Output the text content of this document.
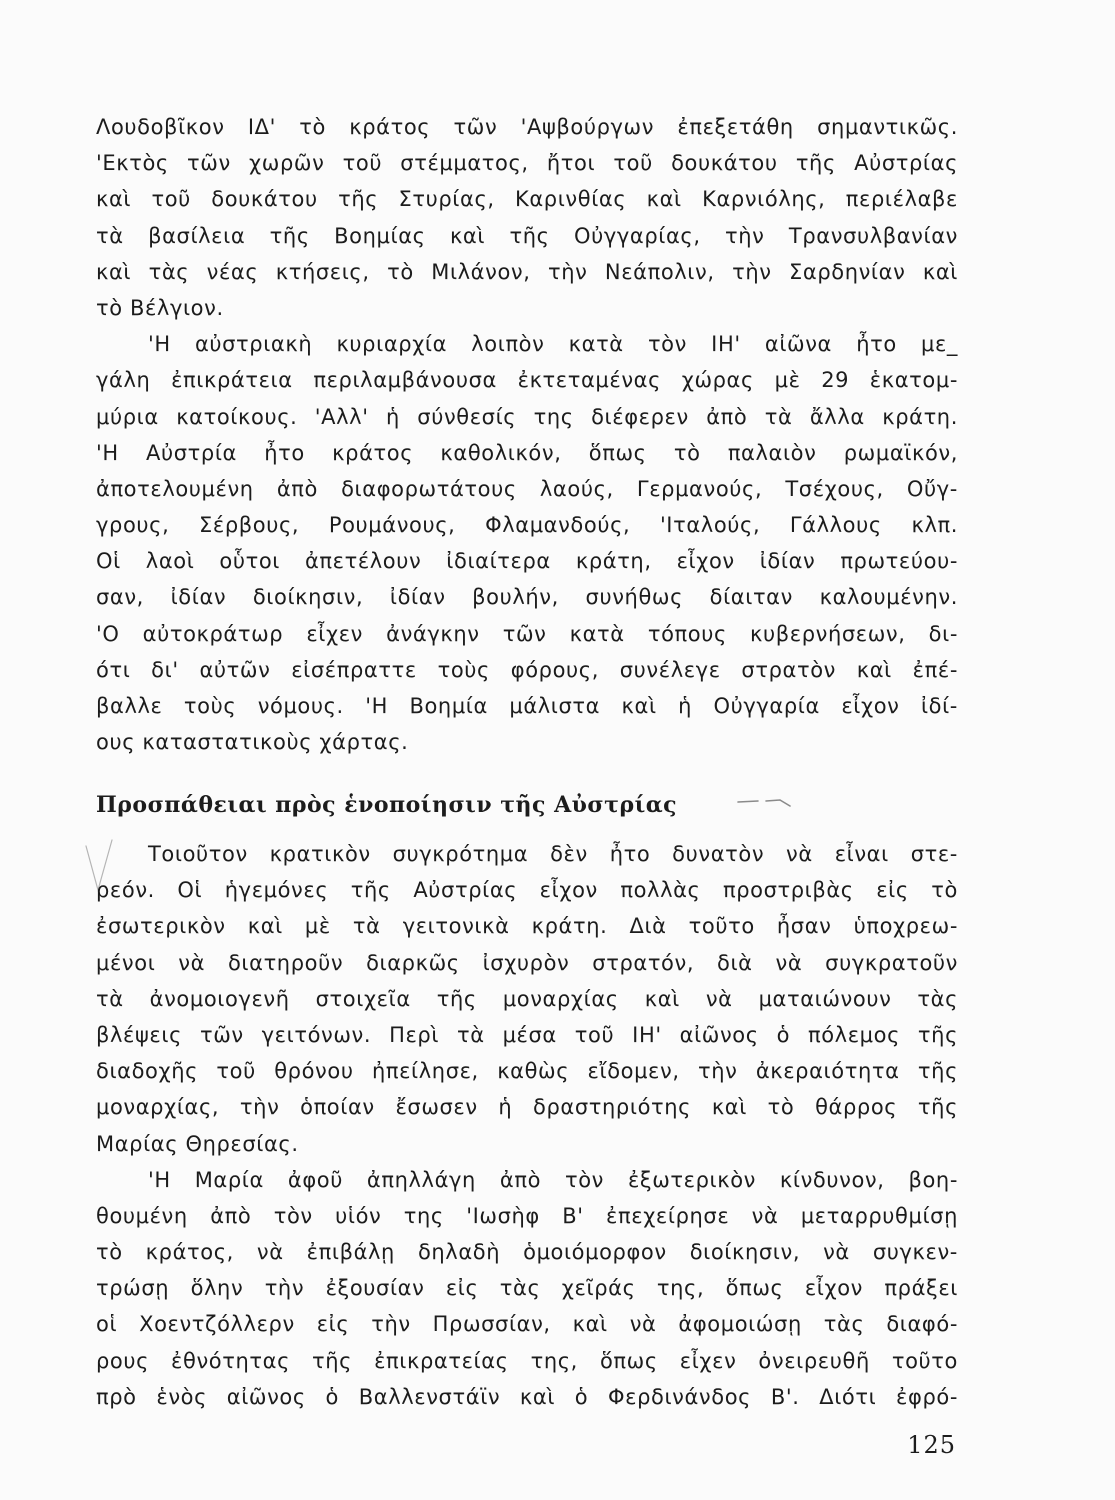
Λουδοβῖκον ΙΔ' τὸ κράτος τῶν 'Αψβούργων ἐπεξετάθη σημαντικῶς.
'Εκτὸς τῶν χωρῶν τοῦ στέμματος, ἤτοι τοῦ δουκάτου τῆς Αὐστρίας
καὶ τοῦ δουκάτου τῆς Στυρίας, Καρινθίας καὶ Καρνιόλης, περιέλαβε
τὰ βασίλεια τῆς Βοημίας καὶ τῆς Οὐγγαρίας, τὴν Τρανσυλβανίαν
καὶ τὰς νέας κτήσεις, τὸ Μιλάνον, τὴν Νεάπολιν, τὴν Σαρδηνίαν καὶ
τὸ Βέλγιον.
'Η αὐστριακὴ κυριαρχία λοιπὸν κατὰ τὸν ΙΗ' αἰῶνα ἦτο με_
γάλη ἐπικράτεια περιλαμβάνουσα ἐκτεταμένας χώρας μὲ 29 ἑκατομ-
μύρια κατοίκους. 'Αλλ' ἡ σύνθεσίς της διέφερεν ἀπὸ τὰ ἄλλα κράτη.
'Η Αὐστρία ἦτο κράτος καθολικόν, ὅπως τὸ παλαιὸν ρωμαϊκόν,
ἀποτελουμένη ἀπὸ διαφορωτάτους λαούς, Γερμανούς, Τσέχους, Οὔγ-
γρους, Σέρβους, Ρουμάνους, Φλαμανδούς, 'Ιταλούς, Γάλλους κλπ.
Οἱ λαοὶ οὗτοι ἀπετέλουν ἰδιαίτερα κράτη, εἶχον ἰδίαν πρωτεύου-
σαν, ἰδίαν διοίκησιν, ἰδίαν βουλήν, συνήθως δίαιταν καλουμένην.
'Ο αὐτοκράτωρ εἶχεν ἀνάγκην τῶν κατὰ τόπους κυβερνήσεων, δι-
ότι δι' αὐτῶν εἰσέπραττε τοὺς φόρους, συνέλεγε στρατὸν καὶ ἐπέ-
βαλλε τοὺς νόμους. 'Η Βοημία μάλιστα καὶ ἡ Οὐγγαρία εἶχον ἰδί-
ους καταστατικοὺς χάρτας.
Προσπάθειαι πρὸς ἑνοποίησιν τῆς Αὐστρίας
Τοιοῦτον κρατικὸν συγκρότημα δὲν ἦτο δυνατὸν νὰ εἶναι στε-
ρεόν. Οἱ ἡγεμόνες τῆς Αὐστρίας εἶχον πολλὰς προστριβὰς εἰς τὸ
ἐσωτερικὸν καὶ μὲ τὰ γειτονικὰ κράτη. Διὰ τοῦτο ἦσαν ὑποχρεω-
μένοι νὰ διατηροῦν διαρκῶς ἰσχυρὸν στρατόν, διὰ νὰ συγκρατοῦν
τὰ ἀνομοιογενῆ στοιχεῖα τῆς μοναρχίας καὶ νὰ ματαιώνουν τὰς
βλέψεις τῶν γειτόνων. Περὶ τὰ μέσα τοῦ ΙΗ' αἰῶνος ὁ πόλεμος τῆς
διαδοχῆς τοῦ θρόνου ἠπείλησε, καθὼς εἴδομεν, τὴν ἀκεραιότητα τῆς
μοναρχίας, τὴν ὁποίαν ἔσωσεν ἡ δραστηριότης καὶ τὸ θάρρος τῆς
Μαρίας Θηρεσίας.
'Η Μαρία ἀφοῦ ἀπηλλάγη ἀπὸ τὸν ἐξωτερικὸν κίνδυνον, βοη-
θουμένη ἀπὸ τὸν υἱόν της 'Ιωσὴφ Β' ἐπεχείρησε νὰ μεταρρυθμίσῃ
τὸ κράτος, νὰ ἐπιβάλῃ δηλαδὴ ὁμοιόμορφον διοίκησιν, νὰ συγκεν-
τρώσῃ ὅλην τὴν ἐξουσίαν εἰς τὰς χεῖράς της, ὅπως εἶχον πράξει
οἱ Χοεντζόλλερν εἰς τὴν Πρωσσίαν, καὶ νὰ ἀφομοιώσῃ τὰς διαφό-
ρους ἐθνότητας τῆς ἐπικρατείας της, ὅπως εἶχεν ὀνειρευθῆ τοῦτο
πρὸ ἑνὸς αἰῶνος ὁ Βαλλενστάϊν καὶ ὁ Φερδινάνδος Β'. Διότι ἐφρό-
125
